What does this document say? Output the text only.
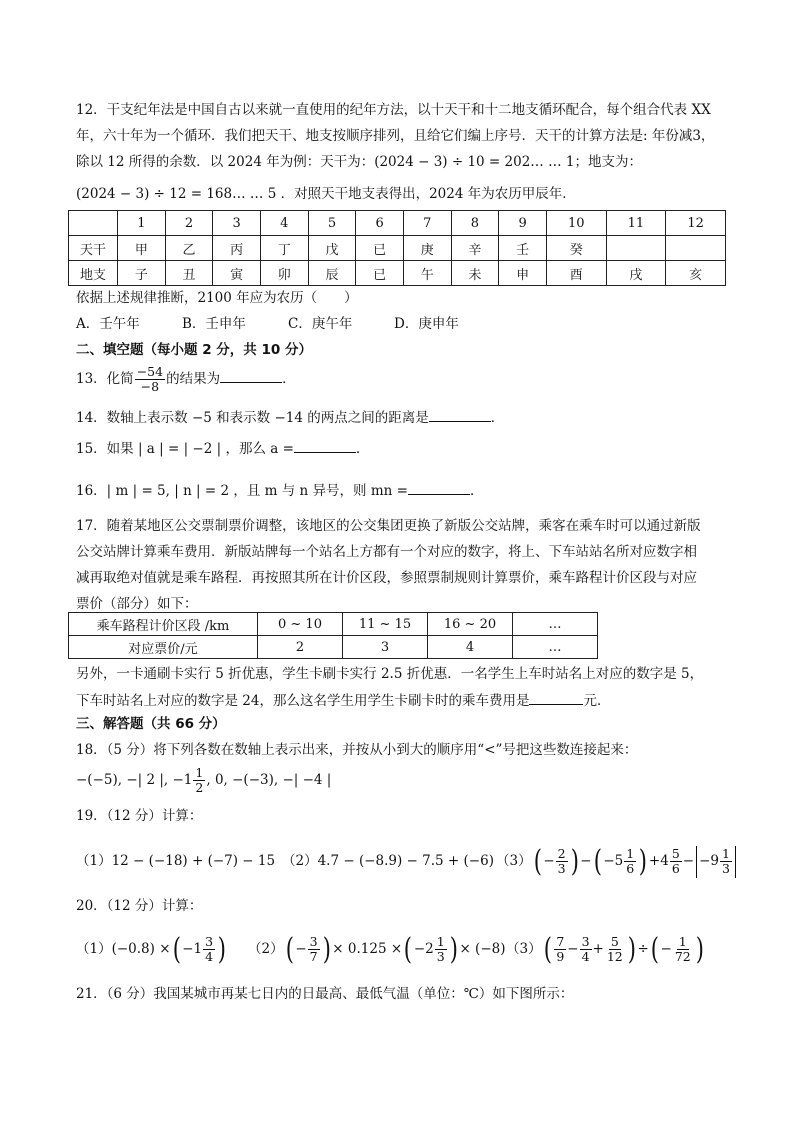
12．干支纪年法是中国自古以来就一直使用的纪年方法，以十天干和十二地支循环配合，每个组合代表 XX
年，六十年为一个循环．我们把天干、地支按顺序排列，且给它们编上序号．天干的计算方法是: 年份减3，
除以 12 所得的余数．以 2024 年为例：天干为：(2024 − 3) ÷ 10 = 202… … 1；地支为：
(2024 − 3) ÷ 12 = 168… … 5 ．对照天干地支表得出，2024 年为农历甲辰年．
	1	2	3	4	5	6	7	8	9	10	11	12
天干	甲	乙	丙	丁	戊	已	庚	辛	壬	癸		
地支	子	丑	寅	卯	辰	已	午	未	申	酉	戌	亥
依据上述规律推断，2100 年应为农历（　　）
A．壬午年	B．壬申年	C．庚午年	D．庚申年
二、填空题（每小题 2 分，共 10 分）
13．化简 $\frac{-54}{-8}$ 的结果为	．
14．数轴上表示数 −5 和表示数 −14 的两点之间的距离是	．
15．如果 | a | = | −2 | ，那么 a =	．
16．| m | = 5, | n | = 2 ，且 m 与 n 异号，则 mn =	．
17．随着某地区公交票制票价调整，该地区的公交集团更换了新版公交站牌，乘客在乘车时可以通过新版
公交站牌计算乘车费用．新版站牌每一个站名上方都有一个对应的数字，将上、下车站站名所对应数字相
减再取绝对值就是乘车路程．再按照其所在计价区段，参照票制规则计算票价，乘车路程计价区段与对应
票价（部分）如下：
乘车路程计价区段 /km	0 ~ 10	11 ~ 15	16 ~ 20	…
对应票价/元	2	3	4	…
另外，一卡通刷卡实行 5 折优惠，学生卡刷卡实行 2.5 折优惠．一名学生上车时站名上对应的数字是 5，
下车时站名上对应的数字是 24，那么这名学生用学生卡刷卡时的乘车费用是	元．
三、解答题（共 66 分）
18．（5 分）将下列各数在数轴上表示出来，并按从小到大的顺序用“<”号把这些数连接起来：
−(−5), −| 2 |, $-1 \frac{1}{2}$ , 0, −(−3), −| −4 |
19．（12 分）计算：
（1）12 − (−18) + (−7) − 15 （2）4.7 − (−8.9) − 7.5 + (−6) $(3)( - \frac{2}{3}$ ) −( $-5 \frac{1}{6}$ ) $+4 \frac{5}{6} - -9 \frac{1}{3}$
20．（12 分）计算：
（1）(−0.8) ×( $-1 \frac{3}{4}$ ) $(2)( - \frac{3}{7}$ ) × 0.125 ×( $-2 \frac{1}{3}$ ) × (−8) $(3)( \frac{7}{9} - \frac{3}{4} + \frac{5}{12}$ ) ÷( − $\frac{1}{72}$ )
21．（6 分）我国某城市再某七日内的日最高、最低气温（单位：℃）如下图所示：
